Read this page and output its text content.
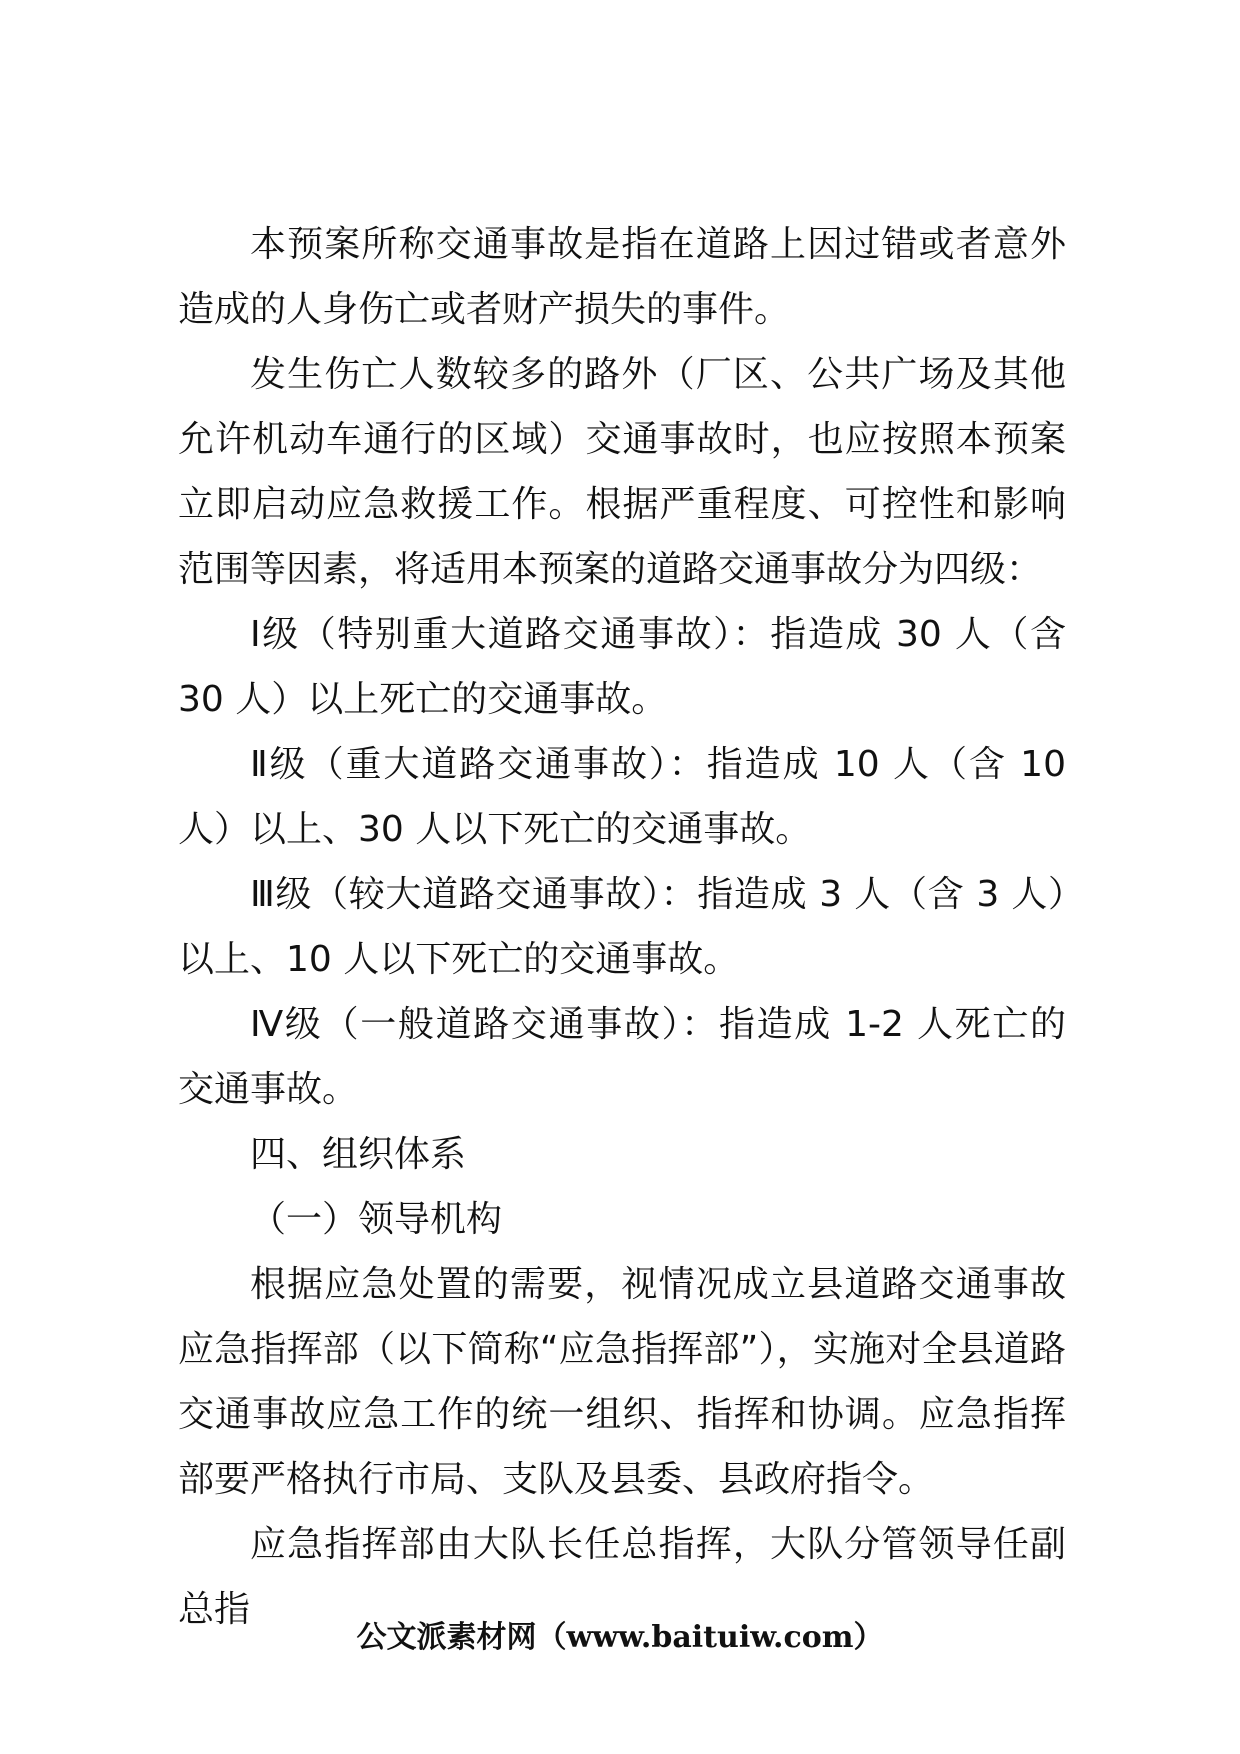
本预案所称交通事故是指在道路上因过错或者意外造成的人身伤亡或者财产损失的事件。

发生伤亡人数较多的路外（厂区、公共广场及其他允许机动车通行的区域）交通事故时，也应按照本预案立即启动应急救援工作。根据严重程度、可控性和影响范围等因素，将适用本预案的道路交通事故分为四级：

Ⅰ级（特别重大道路交通事故）：指造成 30 人（含 30 人）以上死亡的交通事故。

Ⅱ级（重大道路交通事故）：指造成 10 人（含 10 人）以上、30 人以下死亡的交通事故。

Ⅲ级（较大道路交通事故）：指造成 3 人（含 3 人）以上、10 人以下死亡的交通事故。

Ⅳ级（一般道路交通事故）：指造成 1-2 人死亡的交通事故。

四、组织体系

（一）领导机构

根据应急处置的需要，视情况成立县道路交通事故应急指挥部（以下简称“应急指挥部”），实施对全县道路交通事故应急工作的统一组织、指挥和协调。应急指挥部要严格执行市局、支队及县委、县政府指令。

应急指挥部由大队长任总指挥，大队分管领导任副总指

公文派素材网（www.baituiw.com）
